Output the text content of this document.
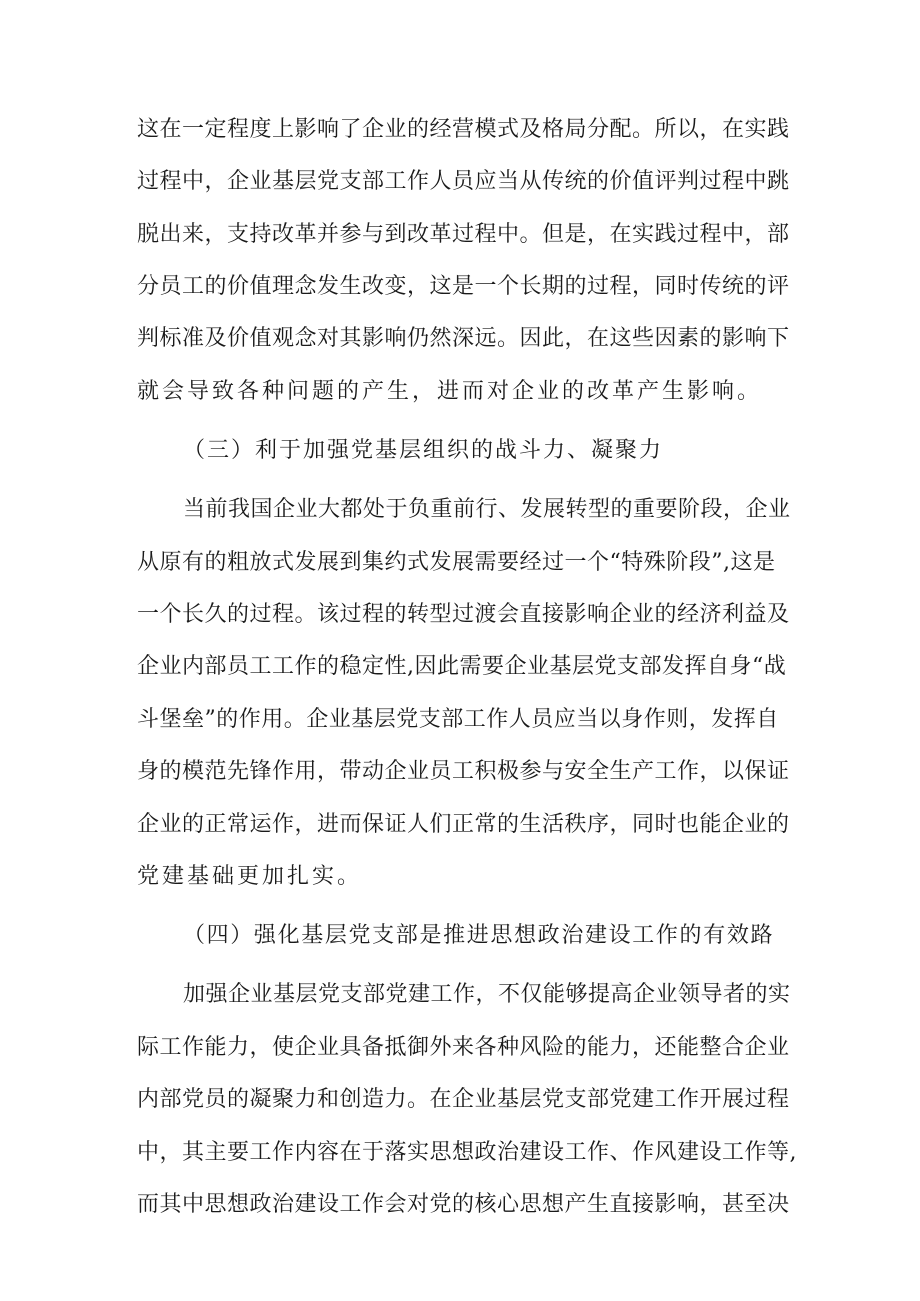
这在一定程度上影响了企业的经营模式及格局分配。所以，在实践
过程中，企业基层党支部工作人员应当从传统的价值评判过程中跳
脱出来，支持改革并参与到改革过程中。但是，在实践过程中，部
分员工的价值理念发生改变，这是一个长期的过程，同时传统的评
判标准及价值观念对其影响仍然深远。因此，在这些因素的影响下
就会导致各种问题的产生，进而对企业的改革产生影响。
（三）利于加强党基层组织的战斗力、凝聚力
当前我国企业大都处于负重前行、发展转型的重要阶段，企业
从原有的粗放式发展到集约式发展需要经过一个“特殊阶段”,这是
一个长久的过程。该过程的转型过渡会直接影响企业的经济利益及
企业内部员工工作的稳定性,因此需要企业基层党支部发挥自身“战
斗堡垒”的作用。企业基层党支部工作人员应当以身作则，发挥自
身的模范先锋作用，带动企业员工积极参与安全生产工作，以保证
企业的正常运作，进而保证人们正常的生活秩序，同时也能企业的
党建基础更加扎实。
（四）强化基层党支部是推进思想政治建设工作的有效路
加强企业基层党支部党建工作，不仅能够提高企业领导者的实
际工作能力，使企业具备抵御外来各种风险的能力，还能整合企业
内部党员的凝聚力和创造力。在企业基层党支部党建工作开展过程
中，其主要工作内容在于落实思想政治建设工作、作风建设工作等,
而其中思想政治建设工作会对党的核心思想产生直接影响，甚至决
